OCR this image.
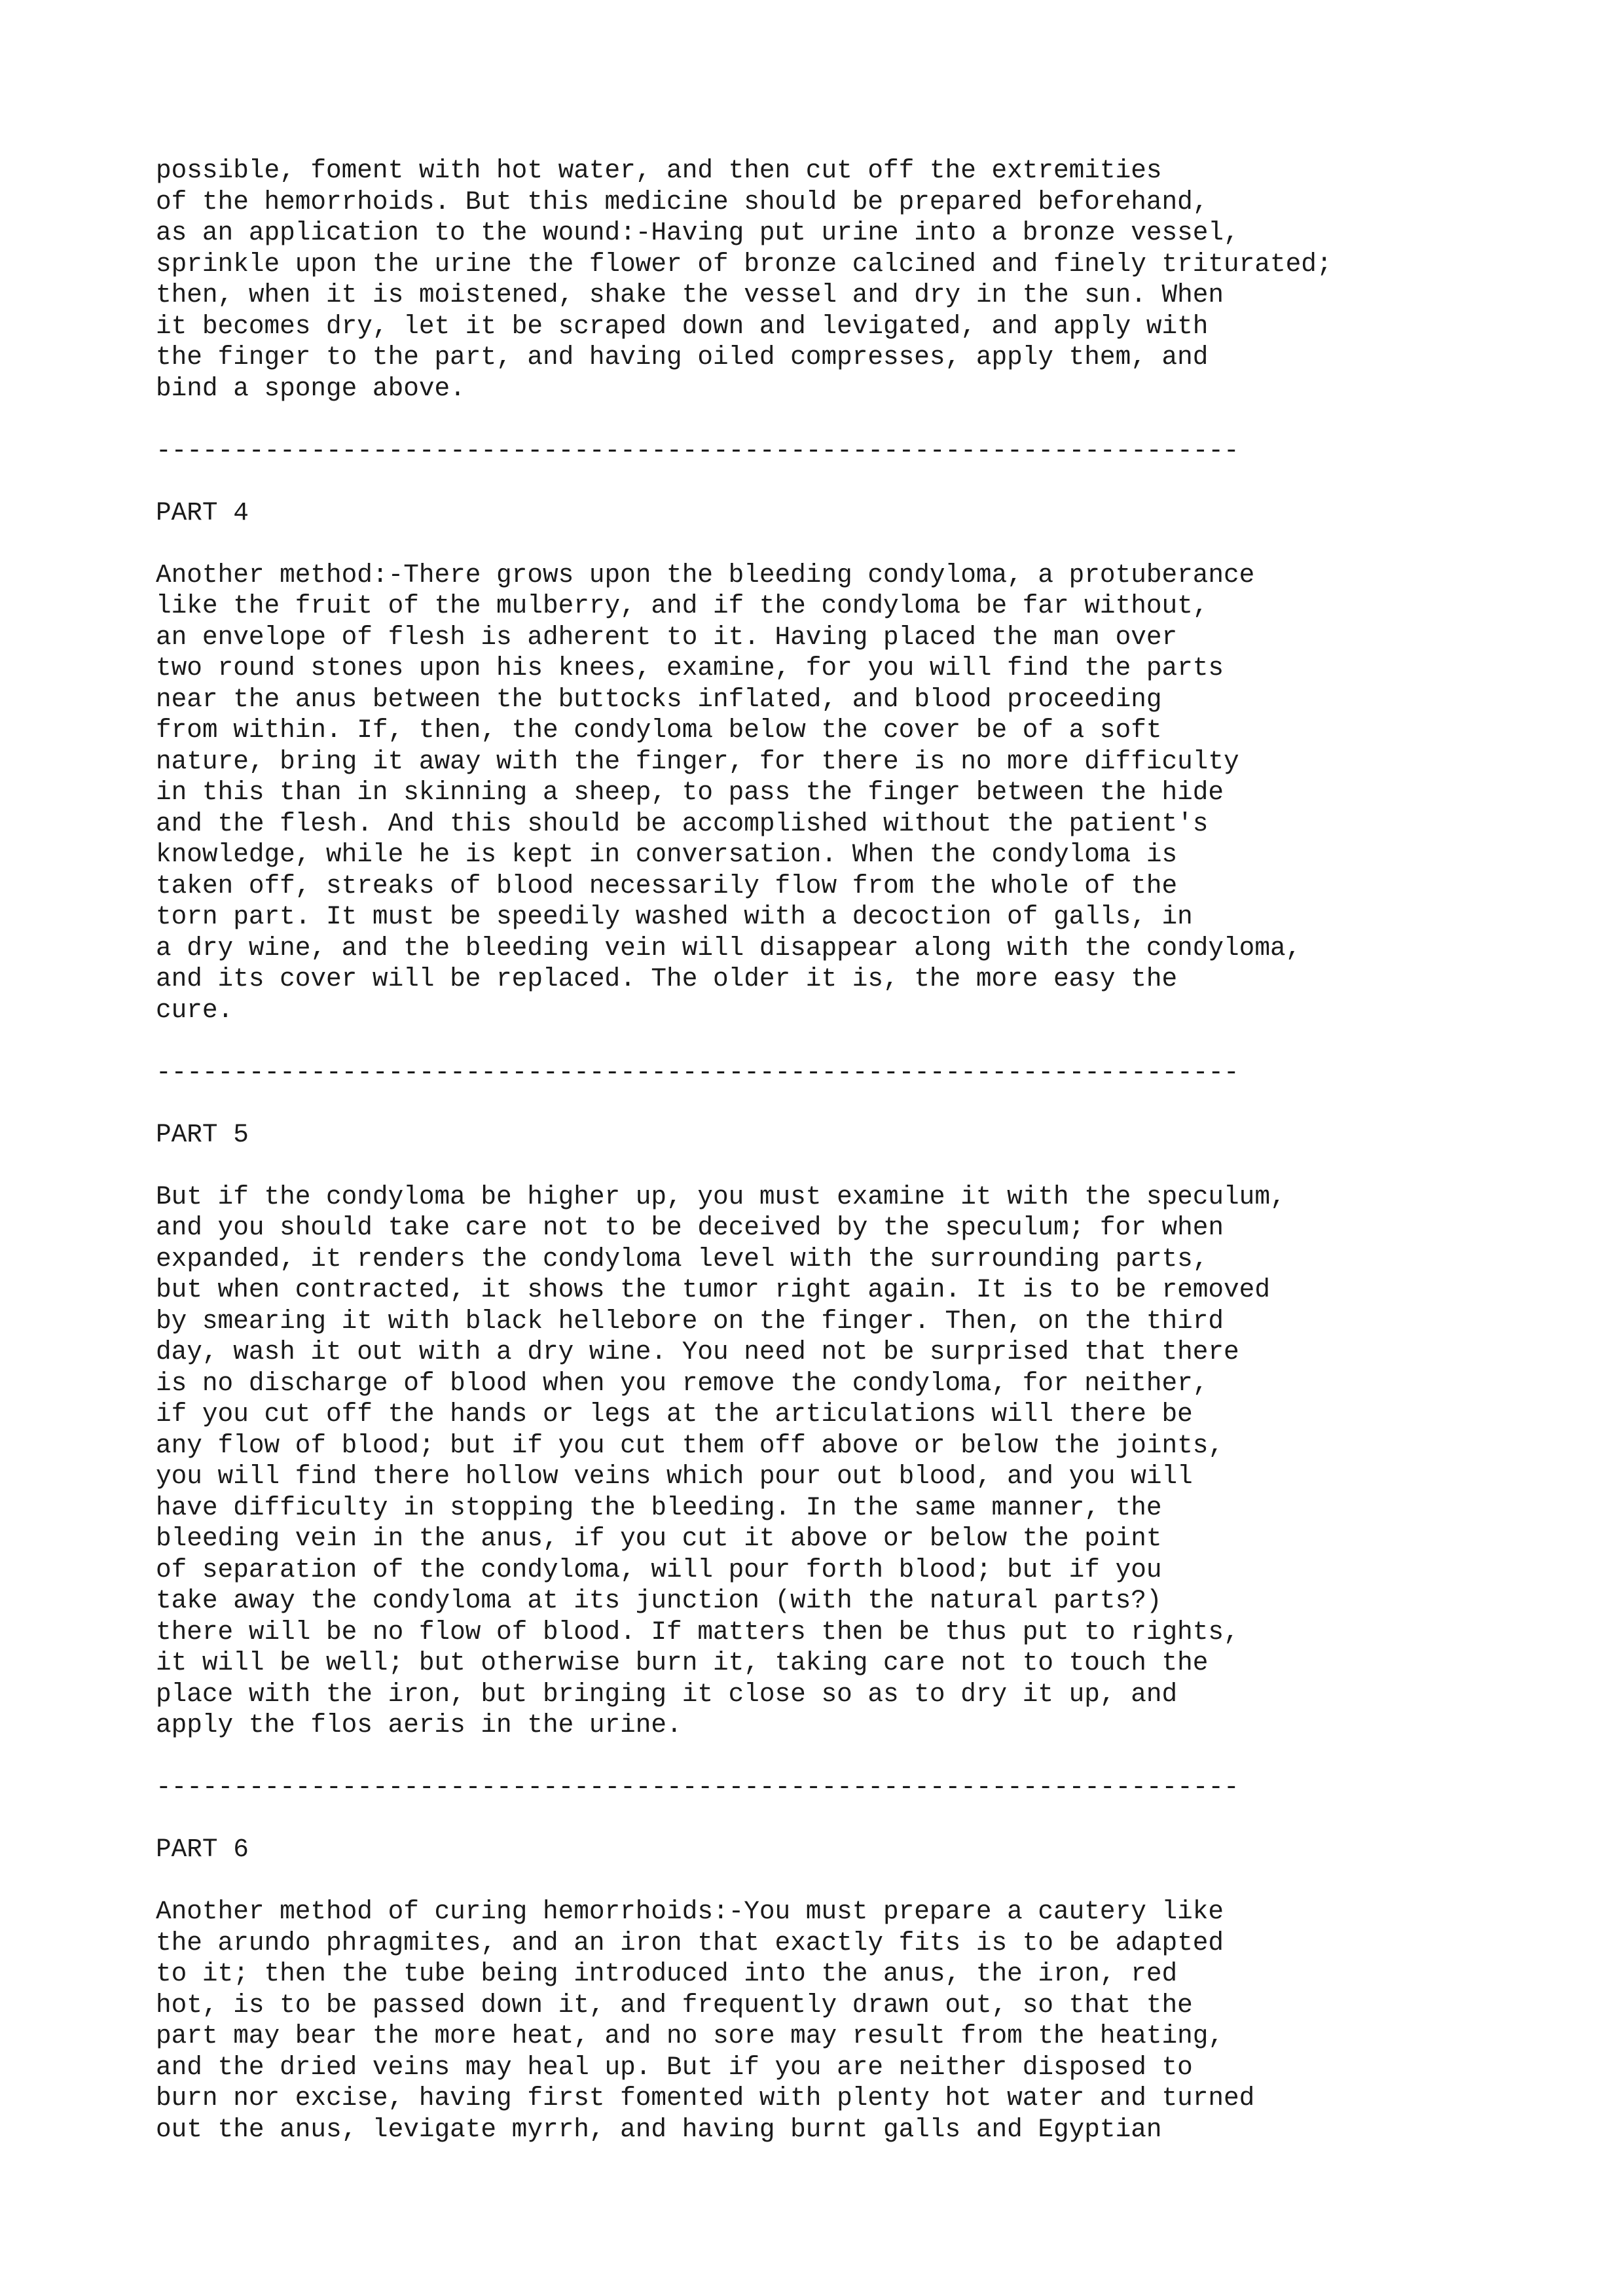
possible, foment with hot water, and then cut off the extremities
of the hemorrhoids. But this medicine should be prepared beforehand,
as an application to the wound:-Having put urine into a bronze vessel,
sprinkle upon the urine the flower of bronze calcined and finely triturated;
then, when it is moistened, shake the vessel and dry in the sun. When
it becomes dry, let it be scraped down and levigated, and apply with
the finger to the part, and having oiled compresses, apply them, and
bind a sponge above.
----------------------------------------------------------------------
PART 4
Another method:-There grows upon the bleeding condyloma, a protuberance
like the fruit of the mulberry, and if the condyloma be far without,
an envelope of flesh is adherent to it. Having placed the man over
two round stones upon his knees, examine, for you will find the parts
near the anus between the buttocks inflated, and blood proceeding
from within. If, then, the condyloma below the cover be of a soft
nature, bring it away with the finger, for there is no more difficulty
in this than in skinning a sheep, to pass the finger between the hide
and the flesh. And this should be accomplished without the patient's
knowledge, while he is kept in conversation. When the condyloma is
taken off, streaks of blood necessarily flow from the whole of the
torn part. It must be speedily washed with a decoction of galls, in
a dry wine, and the bleeding vein will disappear along with the condyloma,
and its cover will be replaced. The older it is, the more easy the
cure.
----------------------------------------------------------------------
PART 5
But if the condyloma be higher up, you must examine it with the speculum,
and you should take care not to be deceived by the speculum; for when
expanded, it renders the condyloma level with the surrounding parts,
but when contracted, it shows the tumor right again. It is to be removed
by smearing it with black hellebore on the finger. Then, on the third
day, wash it out with a dry wine. You need not be surprised that there
is no discharge of blood when you remove the condyloma, for neither,
if you cut off the hands or legs at the articulations will there be
any flow of blood; but if you cut them off above or below the joints,
you will find there hollow veins which pour out blood, and you will
have difficulty in stopping the bleeding. In the same manner, the
bleeding vein in the anus, if you cut it above or below the point
of separation of the condyloma, will pour forth blood; but if you
take away the condyloma at its junction (with the natural parts?)
there will be no flow of blood. If matters then be thus put to rights,
it will be well; but otherwise burn it, taking care not to touch the
place with the iron, but bringing it close so as to dry it up, and
apply the flos aeris in the urine.
----------------------------------------------------------------------
PART 6
Another method of curing hemorrhoids:-You must prepare a cautery like
the arundo phragmites, and an iron that exactly fits is to be adapted
to it; then the tube being introduced into the anus, the iron, red
hot, is to be passed down it, and frequently drawn out, so that the
part may bear the more heat, and no sore may result from the heating,
and the dried veins may heal up. But if you are neither disposed to
burn nor excise, having first fomented with plenty hot water and turned
out the anus, levigate myrrh, and having burnt galls and Egyptian
